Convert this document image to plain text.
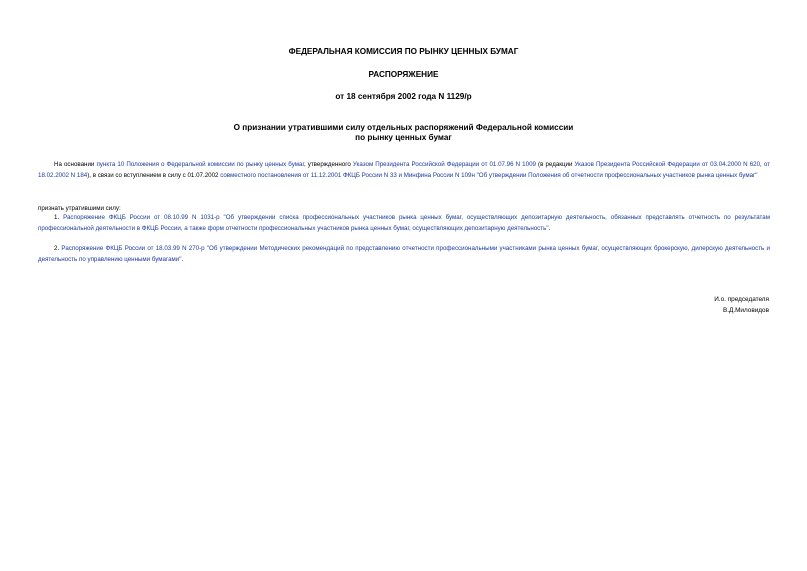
ФЕДЕРАЛЬНАЯ КОМИССИЯ ПО РЫНКУ ЦЕННЫХ БУМАГ
РАСПОРЯЖЕНИЕ
от 18 сентября 2002 года N 1129/р
О признании утратившими силу отдельных распоряжений Федеральной комиссии
по рынку ценных бумаг
На основании пункта 10 Положения о Федеральной комиссии по рынку ценных бумаг, утвержденного Указом Президента Российской Федерации от 01.07.96 N 1009 (в редакции Указов Президента Российской Федерации от 03.04.2000 N 620, от 18.02.2002 N 184), в связи со вступлением в силу с 01.07.2002 совместного постановления от 11.12.2001 ФКЦБ России N 33 и Минфина России N 109н "Об утверждении Положения об отчетности профессиональных участников рынка ценных бумаг"
признать утратившими силу:
1. Распоряжение ФКЦБ России от 08.10.99 N 1031-р "Об утверждении списка профессиональных участников рынка ценных бумаг, осуществляющих депозитарную деятельность, обязанных представлять отчетность по результатам профессиональной деятельности в ФКЦБ России, а также форм отчетности профессиональных участников рынка ценных бумаг, осуществляющих депозитарную деятельность".
2. Распоряжение ФКЦБ России от 18.03.99 N 270-р "Об утверждении Методических рекомендаций по представлению отчетности профессиональными участниками рынка ценных бумаг, осуществляющих брокерскую, дилерскую деятельность и деятельность по управлению ценными бумагами".
И.о. председателя
В.Д.Миловидов
